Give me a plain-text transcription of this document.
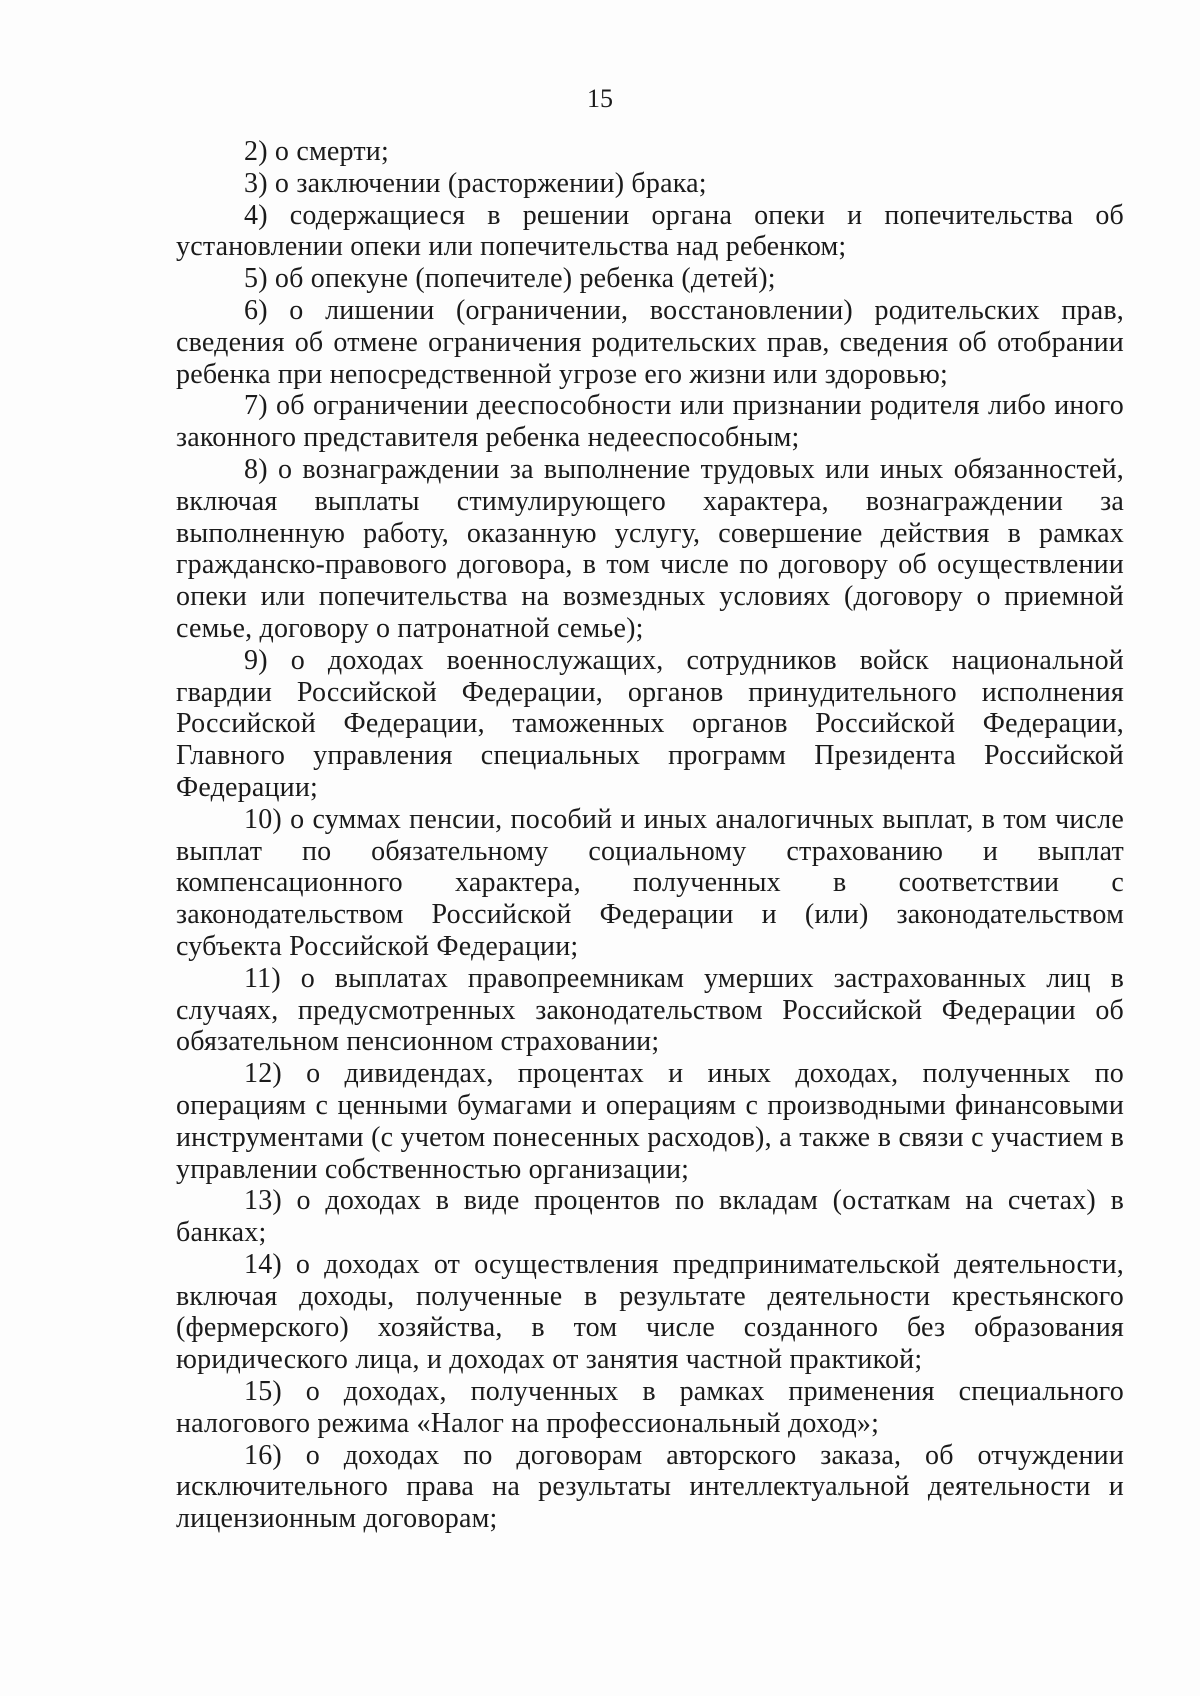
15

2) о смерти;

3) о заключении (расторжении) брака;

4) содержащиеся в решении органа опеки и попечительства об установлении опеки или попечительства над ребенком;

5) об опекуне (попечителе) ребенка (детей);

6) о лишении (ограничении, восстановлении) родительских прав, сведения об отмене ограничения родительских прав, сведения об отобрании ребенка при непосредственной угрозе его жизни или здоровью;

7) об ограничении дееспособности или признании родителя либо иного законного представителя ребенка недееспособным;

8) о вознаграждении за выполнение трудовых или иных обязанностей, включая выплаты стимулирующего характера, вознаграждении за выполненную работу, оказанную услугу, совершение действия в рамках гражданско-правового договора, в том числе по договору об осуществлении опеки или попечительства на возмездных условиях (договору о приемной семье, договору о патронатной семье);

9) о доходах военнослужащих, сотрудников войск национальной гвардии Российской Федерации, органов принудительного исполнения Российской Федерации, таможенных органов Российской Федерации, Главного управления специальных программ Президента Российской Федерации;

10) о суммах пенсии, пособий и иных аналогичных выплат, в том числе выплат по обязательному социальному страхованию и выплат компенсационного характера, полученных в соответствии с законодательством Российской Федерации и (или) законодательством субъекта Российской Федерации;

11) о выплатах правопреемникам умерших застрахованных лиц в случаях, предусмотренных законодательством Российской Федерации об обязательном пенсионном страховании;

12) о дивидендах, процентах и иных доходах, полученных по операциям с ценными бумагами и операциям с производными финансовыми инструментами (с учетом понесенных расходов), а также в связи с участием в управлении собственностью организации;

13) о доходах в виде процентов по вкладам (остаткам на счетах) в банках;

14) о доходах от осуществления предпринимательской деятельности, включая доходы, полученные в результате деятельности крестьянского (фермерского) хозяйства, в том числе созданного без образования юридического лица, и доходах от занятия частной практикой;

15) о доходах, полученных в рамках применения специального налогового режима «Налог на профессиональный доход»;

16) о доходах по договорам авторского заказа, об отчуждении исключительного права на результаты интеллектуальной деятельности и лицензионным договорам;
